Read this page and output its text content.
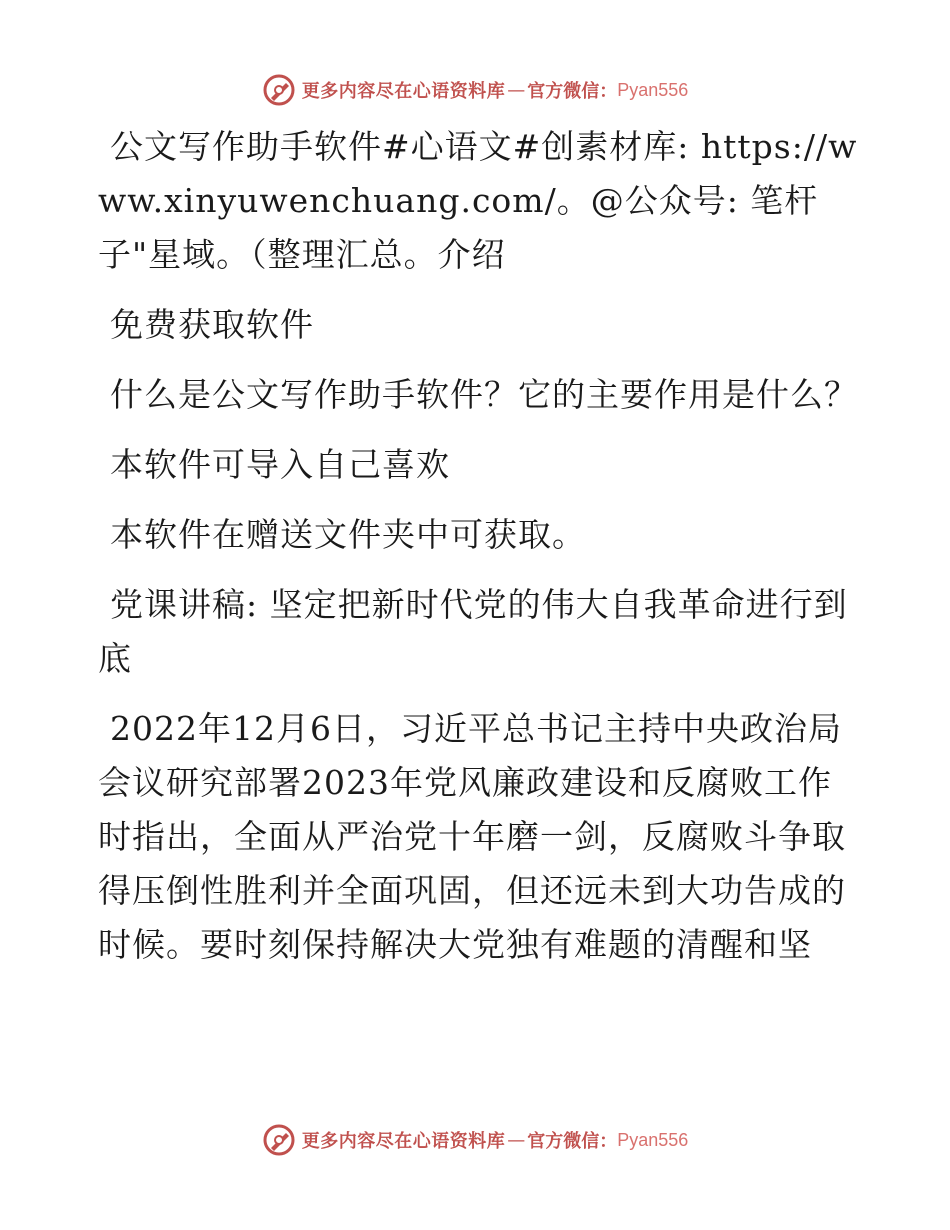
更多内容尽在心语资料库 — 官方微信： Pyan556

公文写作助手软件#心语文#创素材库: https://www.xinyuwenchuang.com/。@公众号: 笔杆子"星域。（整理汇总。介绍

免费获取软件

什么是公文写作助手软件？它的主要作用是什么？

本软件可导入自己喜欢

本软件在赠送文件夹中可获取。

党课讲稿: 坚定把新时代党的伟大自我革命进行到底

2022年12月6日，习近平总书记主持中央政治局会议研究部署2023年党风廉政建设和反腐败工作时指出，全面从严治党十年磨一剑，反腐败斗争取得压倒性胜利并全面巩固，但还远未到大功告成的时候。要时刻保持解决大党独有难题的清醒和坚

更多内容尽在心语资料库 — 官方微信： Pyan556
